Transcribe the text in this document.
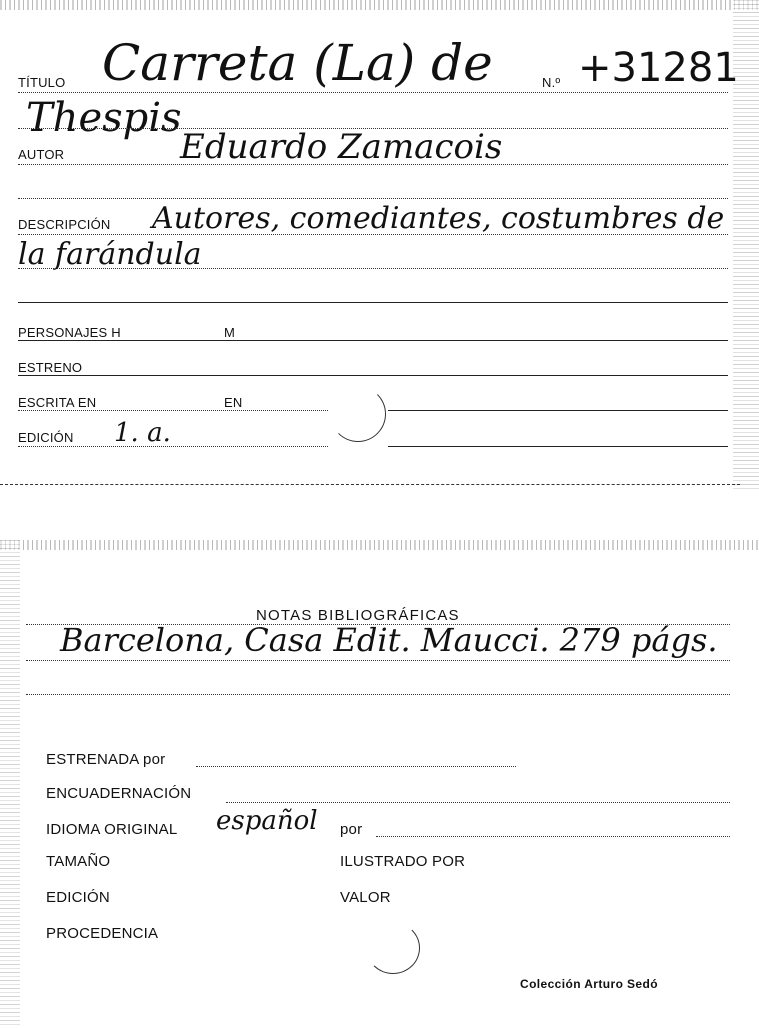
TÍTULO Carreta (La) de	N.º +31281
Thespis
AUTOR	Eduardo Zamacois
DESCRIPCIÓN Autores, comediantes, costumbres de
la farándula
PERSONAJES H	M
ESTRENO
ESCRITA EN	EN
EDICIÓN 1. a.
NOTAS BIBLIOGRÁFICAS
Barcelona, Casa Edit. Maucci. 279 págs.
ESTRENADA por
ENCUADERNACIÓN
IDIOMA ORIGINAL español por
TAMAÑO	ILUSTRADO POR
EDICIÓN	VALOR
PROCEDENCIA
Colección Arturo Sedó
